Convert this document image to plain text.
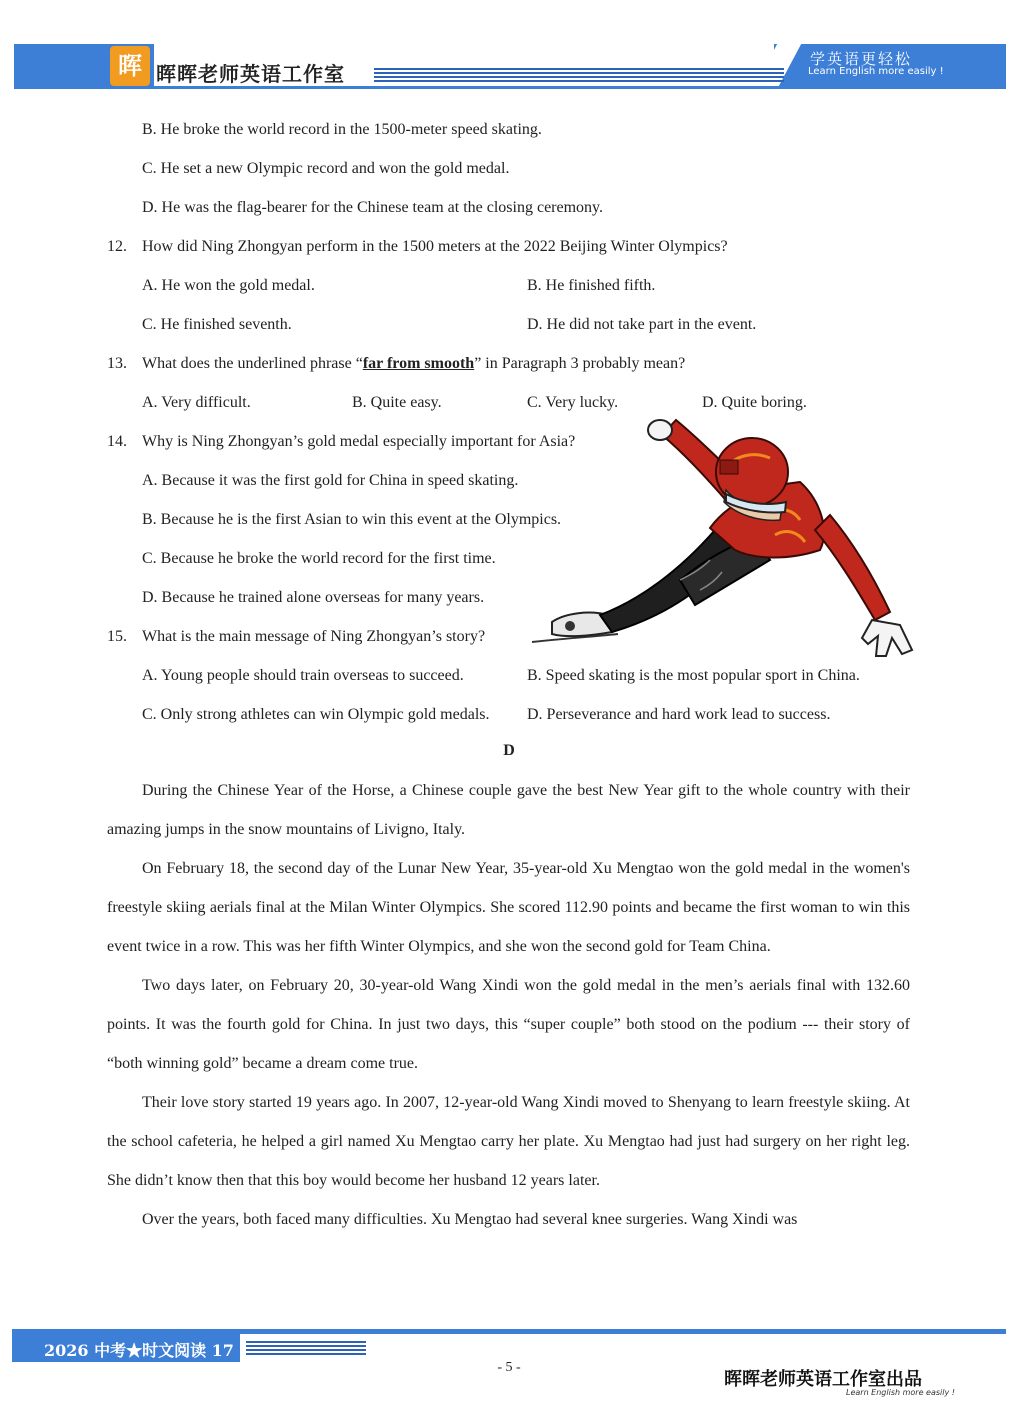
晖 晖晖老师英语工作室
学英语更轻松
Learn English more easily !
B. He broke the world record in the 1500-meter speed skating.
C. He set a new Olympic record and won the gold medal.
D. He was the flag-bearer for the Chinese team at the closing ceremony.
12. How did Ning Zhongyan perform in the 1500 meters at the 2022 Beijing Winter Olympics?
A. He won the gold medal.	B. He finished fifth.
C. He finished seventh.	D. He did not take part in the event.
13. What does the underlined phrase “far from smooth” in Paragraph 3 probably mean?
A. Very difficult.	B. Quite easy.	C. Very lucky.	D. Quite boring.
14. Why is Ning Zhongyan’s gold medal especially important for Asia?
A. Because it was the first gold for China in speed skating.
B. Because he is the first Asian to win this event at the Olympics.
C. Because he broke the world record for the first time.
D. Because he trained alone overseas for many years.
15. What is the main message of Ning Zhongyan’s story?
A. Young people should train overseas to succeed.	B. Speed skating is the most popular sport in China.
C. Only strong athletes can win Olympic gold medals. D. Perseverance and hard work lead to success.
D

During the Chinese Year of the Horse, a Chinese couple gave the best New Year gift to the whole country with their amazing jumps in the snow mountains of Livigno, Italy.

On February 18, the second day of the Lunar New Year, 35-year-old Xu Mengtao won the gold medal in the women's freestyle skiing aerials final at the Milan Winter Olympics. She scored 112.90 points and became the first woman to win this event twice in a row. This was her fifth Winter Olympics, and she won the second gold for Team China.

Two days later, on February 20, 30-year-old Wang Xindi won the gold medal in the men’s aerials final with 132.60 points. It was the fourth gold for China. In just two days, this “super couple” both stood on the podium --- their story of “both winning gold” became a dream come true.

Their love story started 19 years ago. In 2007, 12-year-old Wang Xindi moved to Shenyang to learn freestyle skiing. At the school cafeteria, he helped a girl named Xu Mengtao carry her plate. Xu Mengtao had just had surgery on her right leg. She didn’t know then that this boy would become her husband 12 years later.

Over the years, both faced many difficulties. Xu Mengtao had several knee surgeries. Wang Xindi was

2026 中考★时文阅读 17
- 5 -
晖晖老师英语工作室出品
Learn English more easily !
